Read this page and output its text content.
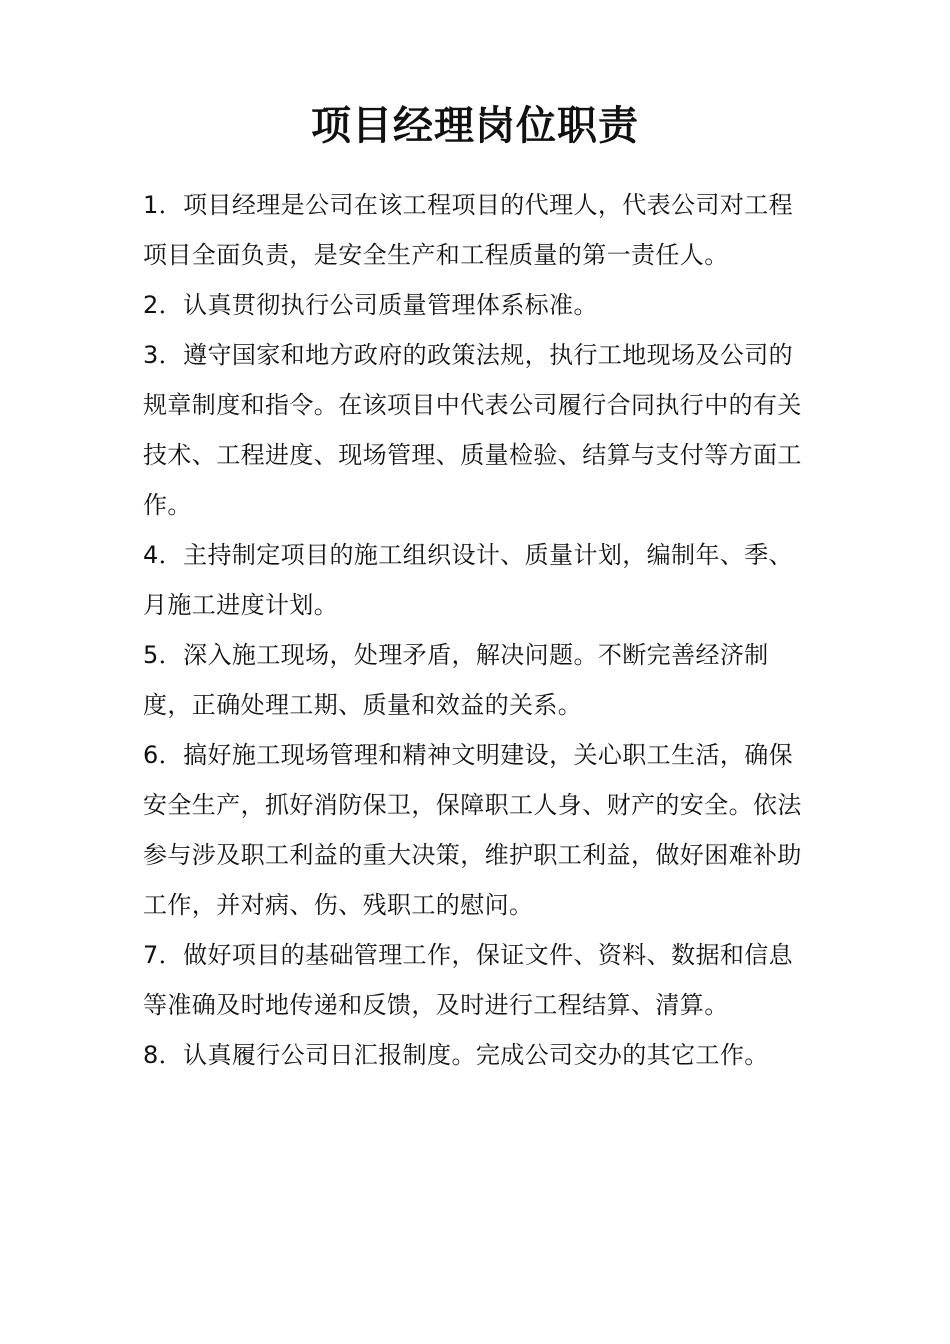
项目经理岗位职责

1．项目经理是公司在该工程项目的代理人，代表公司对工程项目全面负责，是安全生产和工程质量的第一责任人。

2．认真贯彻执行公司质量管理体系标准。

3．遵守国家和地方政府的政策法规，执行工地现场及公司的规章制度和指令。在该项目中代表公司履行合同执行中的有关技术、工程进度、现场管理、质量检验、结算与支付等方面工作。

4．主持制定项目的施工组织设计、质量计划，编制年、季、月施工进度计划。

5．深入施工现场，处理矛盾，解决问题。不断完善经济制度，正确处理工期、质量和效益的关系。

6．搞好施工现场管理和精神文明建设，关心职工生活，确保安全生产，抓好消防保卫，保障职工人身、财产的安全。依法参与涉及职工利益的重大决策，维护职工利益，做好困难补助工作，并对病、伤、残职工的慰问。

7．做好项目的基础管理工作，保证文件、资料、数据和信息等准确及时地传递和反馈，及时进行工程结算、清算。

8．认真履行公司日汇报制度。完成公司交办的其它工作。
